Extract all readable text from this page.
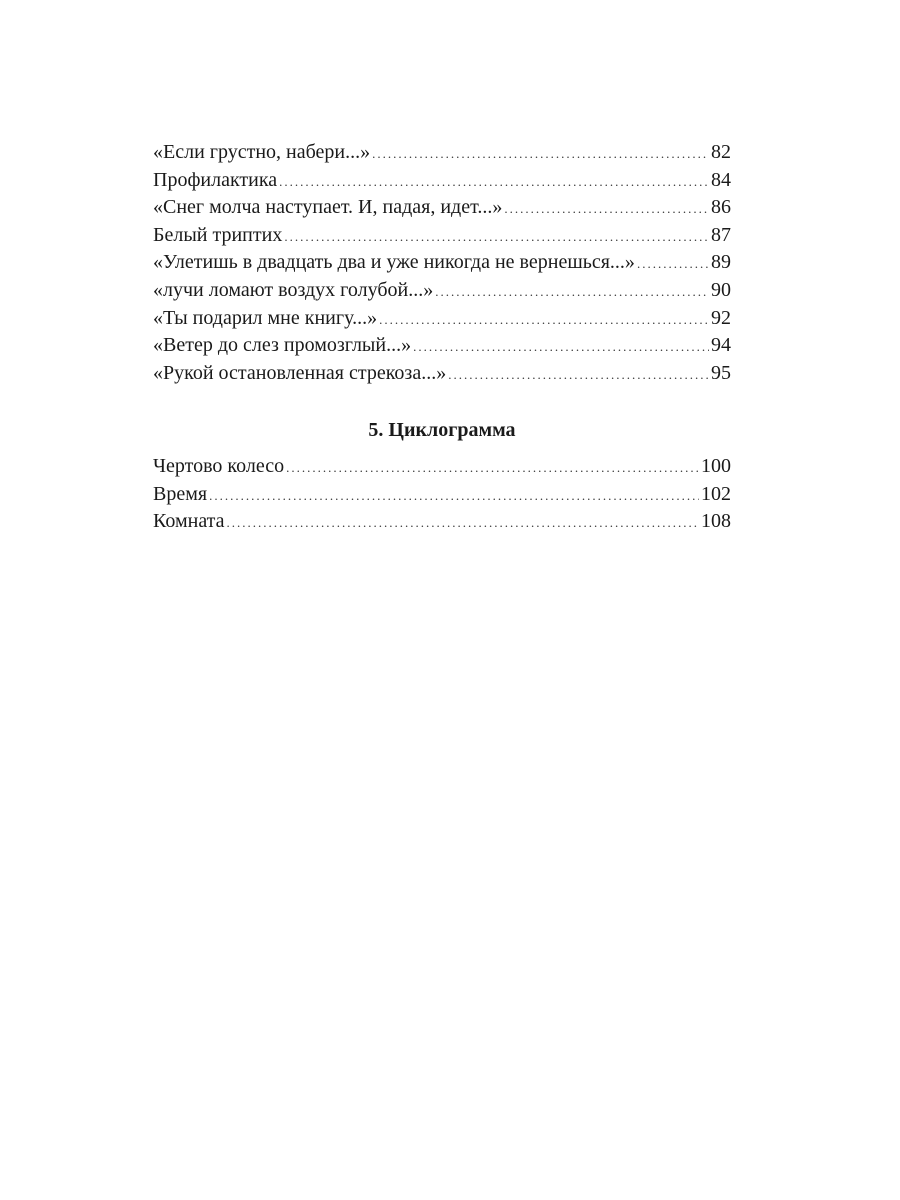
«Если грустно, набери...» .....	82
Профилактика .....	84
«Снег молча наступает. И, падая, идет...» .....	86
Белый триптих .....	87
«Улетишь в двадцать два и уже никогда не вернешься...» .....	89
«лучи ломают воздух голубой...» .....	90
«Ты подарил мне книгу...» .....	92
«Ветер до слез промозглый...» .....	94
«Рукой остановленная стрекоза...» .....	95
5. Циклограмма
Чертово колесо .....	100
Время .....	102
Комната .....	108
